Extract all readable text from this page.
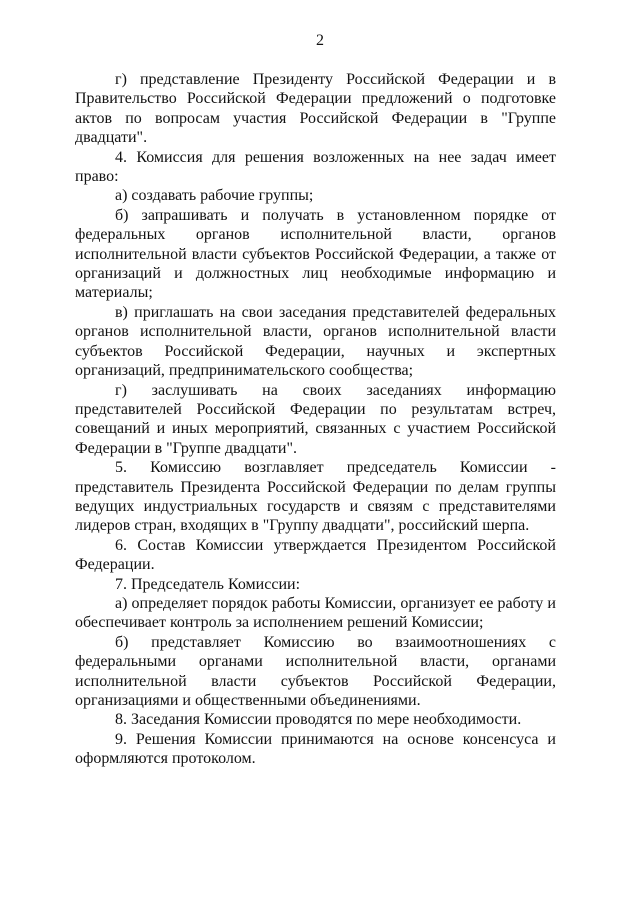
2

г) представление Президенту Российской Федерации и в Правительство Российской Федерации предложений о подготовке актов по вопросам участия Российской Федерации в "Группе двадцати".

4. Комиссия для решения возложенных на нее задач имеет право:

а) создавать рабочие группы;

б) запрашивать и получать в установленном порядке от федеральных органов исполнительной власти, органов исполнительной власти субъектов Российской Федерации, а также от организаций и должностных лиц необходимые информацию и материалы;

в) приглашать на свои заседания представителей федеральных органов исполнительной власти, органов исполнительной власти субъектов Российской Федерации, научных и экспертных организаций, предпринимательского сообщества;

г) заслушивать на своих заседаниях информацию представителей Российской Федерации по результатам встреч, совещаний и иных мероприятий, связанных с участием Российской Федерации в "Группе двадцати".

5. Комиссию возглавляет председатель Комиссии - представитель Президента Российской Федерации по делам группы ведущих индустриальных государств и связям с представителями лидеров стран, входящих в "Группу двадцати", российский шерпа.

6. Состав Комиссии утверждается Президентом Российской Федерации.

7. Председатель Комиссии:

а) определяет порядок работы Комиссии, организует ее работу и обеспечивает контроль за исполнением решений Комиссии;

б) представляет Комиссию во взаимоотношениях с федеральными органами исполнительной власти, органами исполнительной власти субъектов Российской Федерации, организациями и общественными объединениями.

8. Заседания Комиссии проводятся по мере необходимости.

9. Решения Комиссии принимаются на основе консенсуса и оформляются протоколом.
